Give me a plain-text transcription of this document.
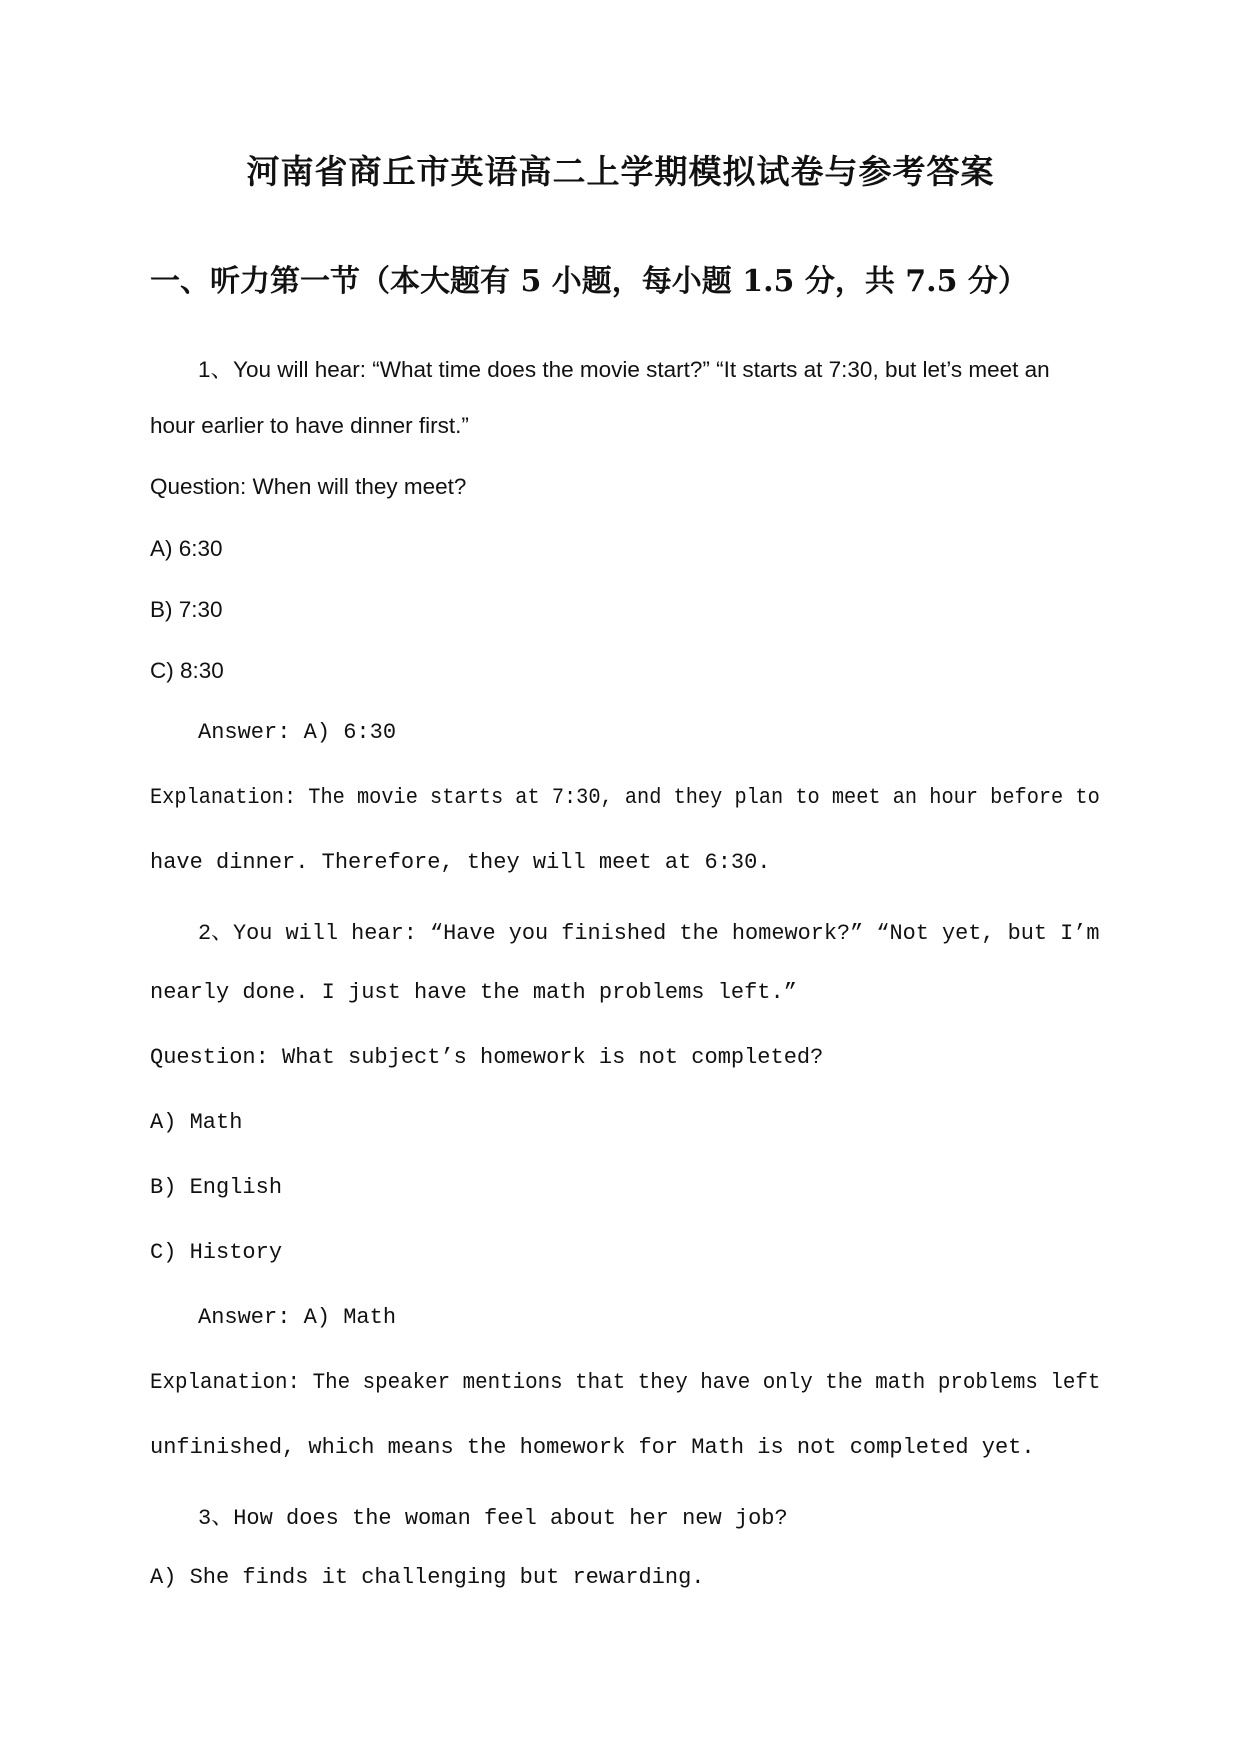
河南省商丘市英语高二上学期模拟试卷与参考答案
一、听力第一节（本大题有 5 小题，每小题 1.5 分，共 7.5 分）
1、You will hear: “What time does the movie start?” “It starts at 7:30, but let’s meet an
hour earlier to have dinner first.”
Question: When will they meet?
A) 6:30
B) 7:30
C) 8:30
Answer: A) 6:30
Explanation: The movie starts at 7:30, and they plan to meet an hour before to
have dinner. Therefore, they will meet at 6:30.
2、You will hear: “Have you finished the homework?” “Not yet, but I’m
nearly done. I just have the math problems left.”
Question: What subject’s homework is not completed?
A) Math
B) English
C) History
Answer: A) Math
Explanation: The speaker mentions that they have only the math problems left
unfinished, which means the homework for Math is not completed yet.
3、How does the woman feel about her new job?
A) She finds it challenging but rewarding.
